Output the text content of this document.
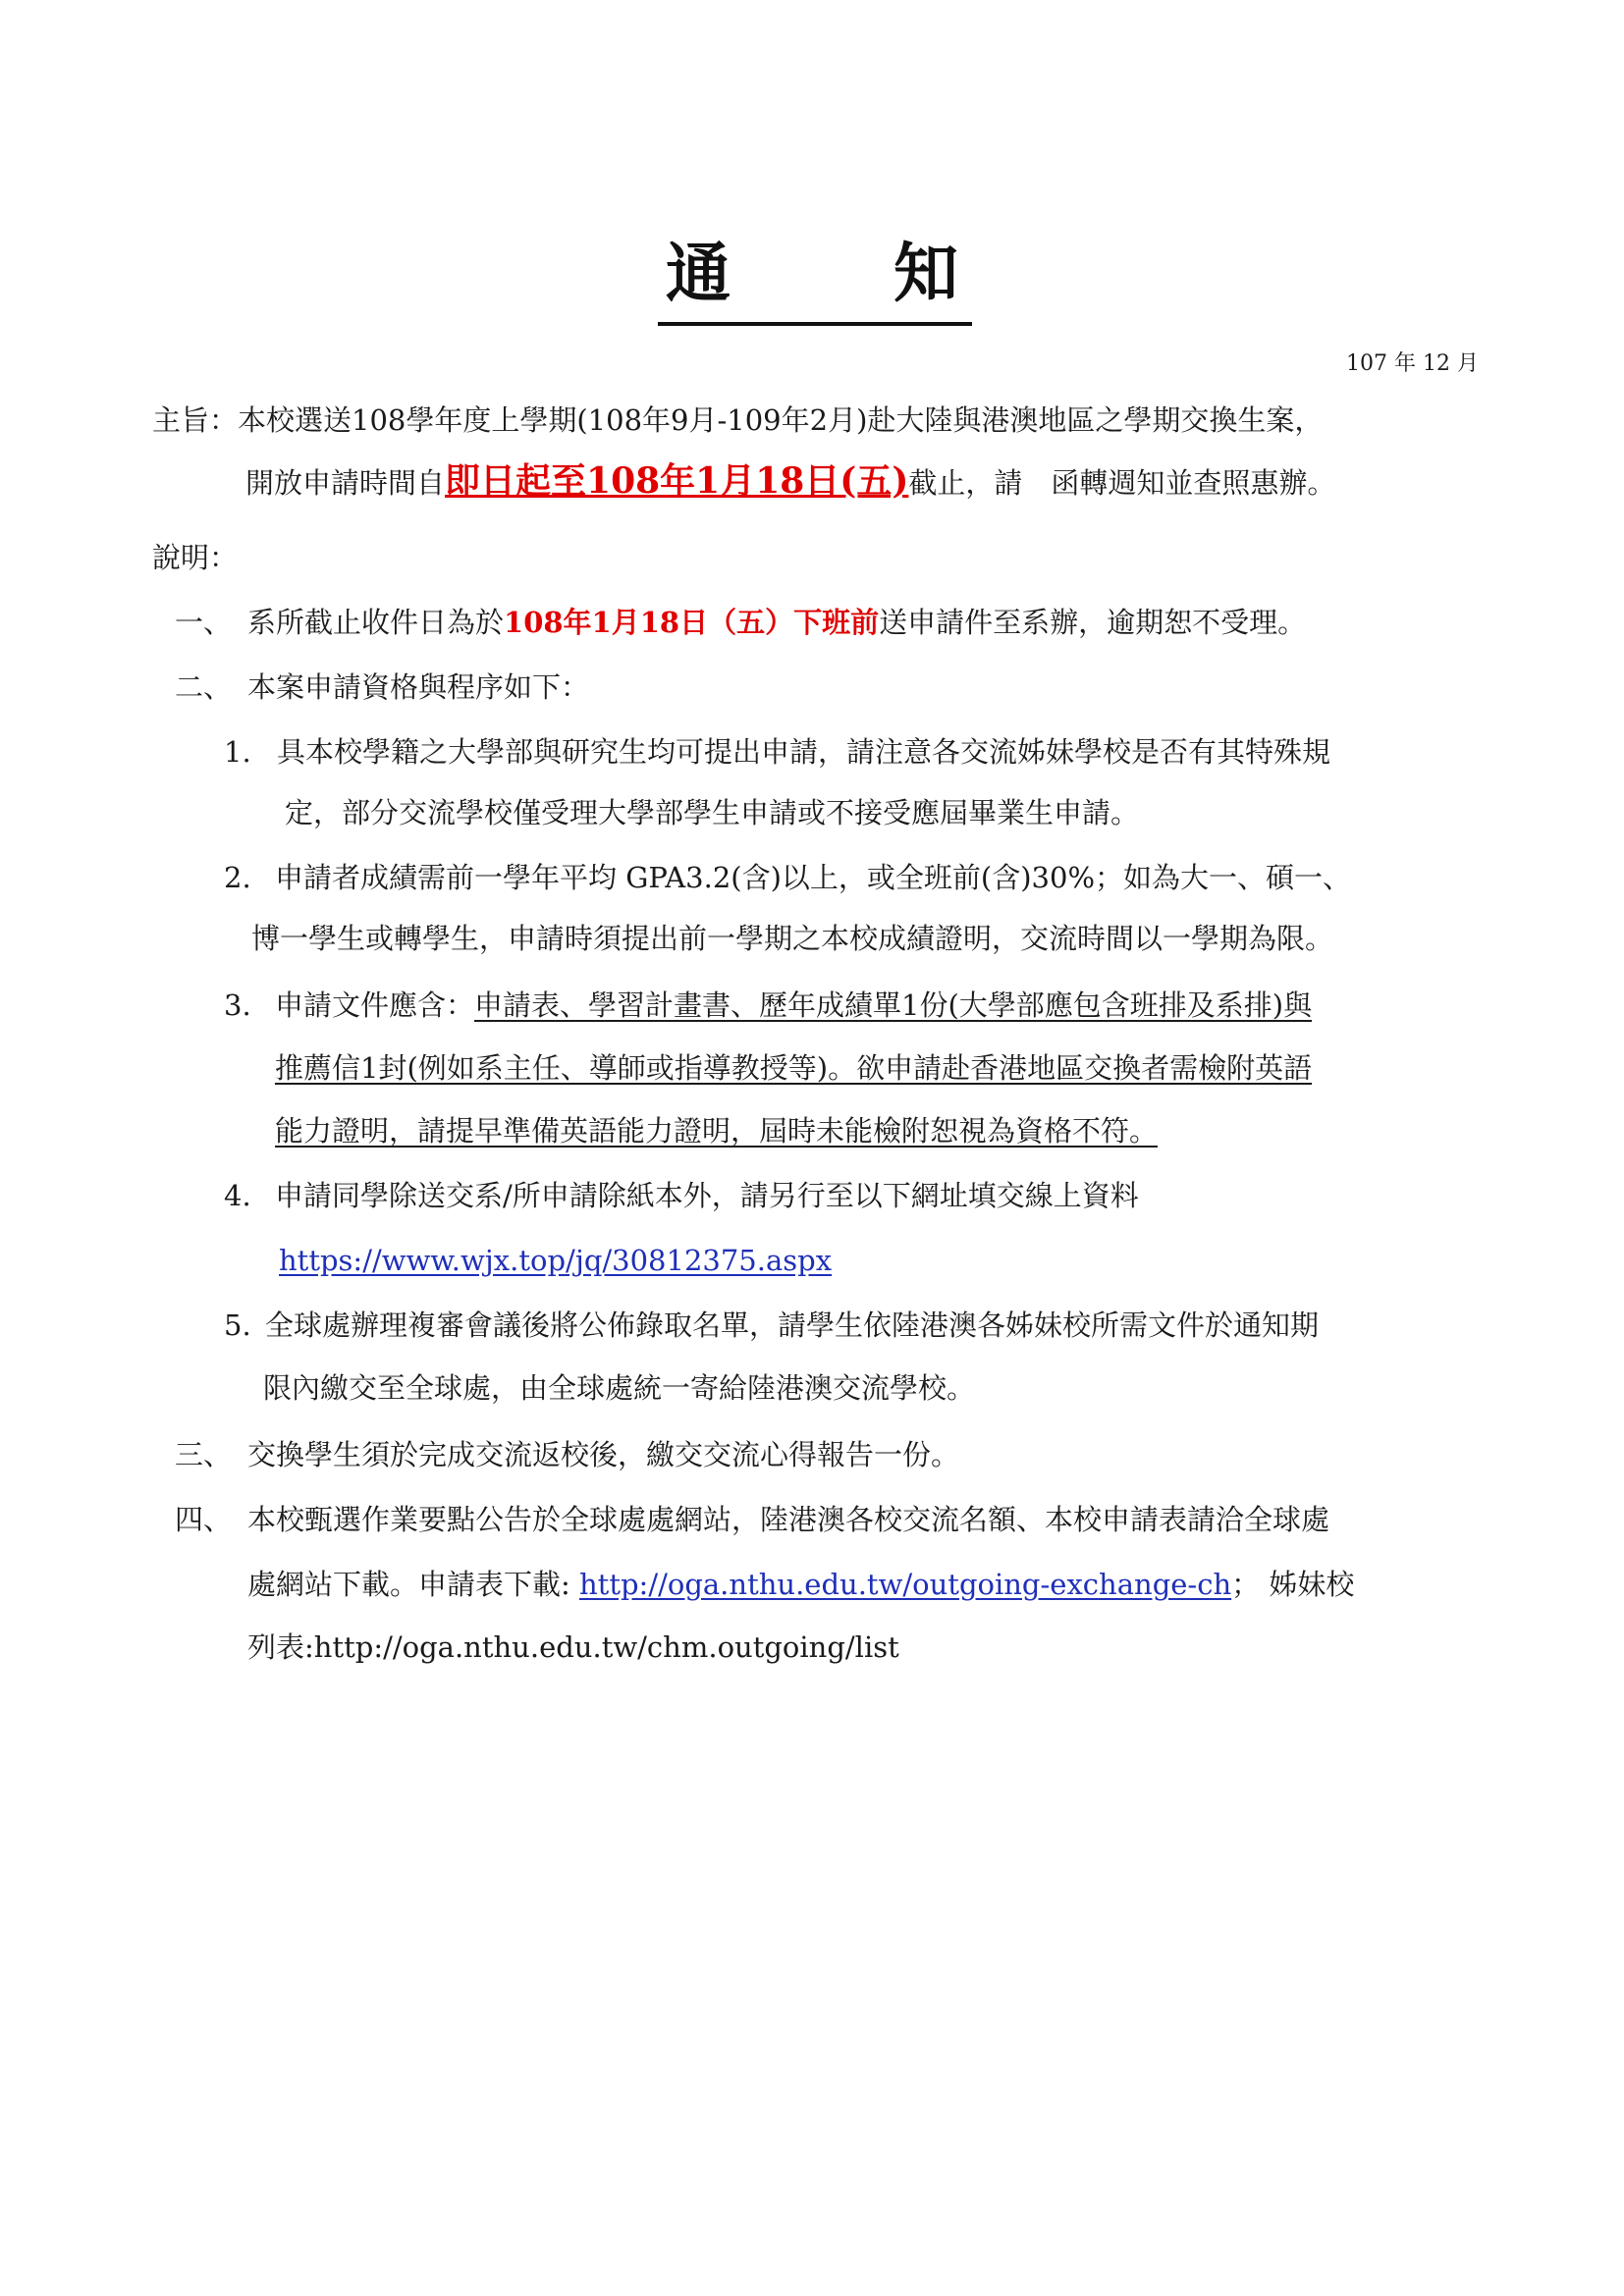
通	知
107 年 12 月
主旨：本校選送108學年度上學期(108年9月-109年2月)赴大陸與港澳地區之學期交換生案，
開放申請時間自即日起至108年1月18日(五)截止，請　函轉週知並查照惠辦。
說明：
一、 系所截止收件日為於108年1月18日（五）下班前送申請件至系辦，逾期恕不受理。
二、 本案申請資格與程序如下：
1. 具本校學籍之大學部與研究生均可提出申請，請注意各交流姊妹學校是否有其特殊規
定，部分交流學校僅受理大學部學生申請或不接受應屆畢業生申請。
2. 申請者成績需前一學年平均 GPA3.2(含)以上，或全班前(含)30%；如為大一、碩一、
博一學生或轉學生，申請時須提出前一學期之本校成績證明，交流時間以一學期為限。
3. 申請文件應含：申請表、學習計畫書、歷年成績單1份(大學部應包含班排及系排)與
推薦信1封(例如系主任、導師或指導教授等)。欲申請赴香港地區交換者需檢附英語
能力證明，請提早準備英語能力證明，屆時未能檢附恕視為資格不符。
4. 申請同學除送交系/所申請除紙本外，請另行至以下網址填交線上資料
https://www.wjx.top/jq/30812375.aspx
5. 全球處辦理複審會議後將公佈錄取名單，請學生依陸港澳各姊妹校所需文件於通知期
限內繳交至全球處，由全球處統一寄給陸港澳交流學校。
三、 交換學生須於完成交流返校後，繳交交流心得報告一份。
四、 本校甄選作業要點公告於全球處處網站，陸港澳各校交流名額、本校申請表請洽全球處
處網站下載。申請表下載: http://oga.nthu.edu.tw/outgoing-exchange-ch； 姊妹校
列表:http://oga.nthu.edu.tw/chm.outgoing/list
